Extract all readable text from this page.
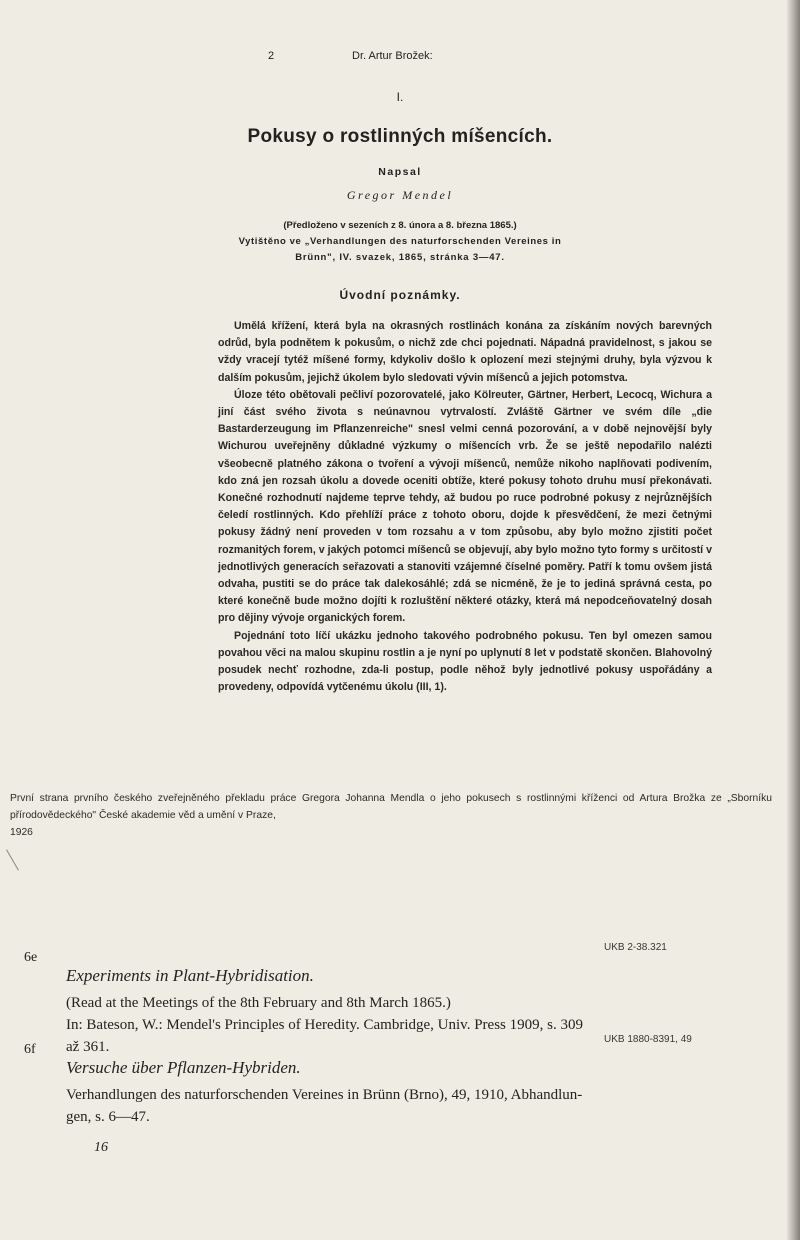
2	Dr. Artur Brožek:
I.
Pokusy o rostlinných míšencích.
Napsal
Gregor Mendel
(Předloženo v sezeních z 8. února a 8. března 1865.)
Vytištěno ve „Verhandlungen des naturforschenden Vereines in
Brünn", IV. svazek, 1865, stránka 3—47.
Úvodní poznámky.

Umělá křížení, která byla na okrasných rostlinách konána za získáním nových barevných odrůd, byla podnětem k pokusům, o nichž zde chci pojednati. Nápadná pravidelnost, s jakou se vždy vracejí tytéž míšené formy, kdykoliv došlo k oplození mezi stejnými druhy, byla výzvou k dalším pokusům, jejichž úkolem bylo sledovati vývin míšenců a jejich potomstva.

Úloze této obětovali pečliví pozorovatelé, jako Kölreuter, Gärtner, Herbert, Lecocq, Wichura a jiní část svého života s neúnavnou vytrvalostí. Zvláště Gärtner ve svém díle „die Bastarderzeugung im Pflanzenreiche" snesl velmi cenná pozorování, a v době nejnovější byly Wichurou uveřejněny důkladné výzkumy o míšencích vrb. Že se ještě nepodařilo nalézti všeobecně platného zákona o tvoření a vývoji míšenců, nemůže nikoho naplňovati podivením, kdo zná jen rozsah úkolu a dovede oceniti obtíže, které pokusy tohoto druhu musí překonávati. Konečné rozhodnutí najdeme teprve tehdy, až budou po ruce podrobné pokusy z nejrůznějších čeledí rostlinných. Kdo přehlíží práce z tohoto oboru, dojde k přesvědčení, že mezi četnými pokusy žádný není proveden v tom rozsahu a v tom způsobu, aby bylo možno zjistiti počet rozmanitých forem, v jakých potomci míšenců se objevují, aby bylo možno tyto formy s určitostí v jednotlivých generacích seřazovati a stanoviti vzájemné číselné poměry. Patří k tomu ovšem jistá odvaha, pustiti se do práce tak dalekosáhlé; zdá se nicméně, že je to jediná správná cesta, po které konečně bude možno dojíti k rozluštění některé otázky, která má nepodceňovatelný dosah pro dějiny vývoje organických forem.

Pojednání toto líčí ukázku jednoho takového podrobného pokusu. Ten byl omezen samou povahou věci na malou skupinu rostlin a je nyní po uplynutí 8 let v podstatě skončen. Blahovolný posudek nechť rozhodne, zda-li postup, podle něhož byly jednotlivé pokusy uspořádány a provedeny, odpovídá vytčenému úkolu (III, 1).

První strana prvního českého zveřejněného překladu práce Gregora Johanna Mendla o jeho pokusech s rostlinnými kříženci od Artura Brožka ze „Sborníku přírodovědeckého" České akademie věd a umění v Praze,
1926
6e
UKB 2-38.321
Experiments in Plant-Hybridisation.
(Read at the Meetings of the 8th February and 8th March 1865.)
In: Bateson, W.: Mendel's Principles of Heredity. Cambridge, Univ. Press 1909, s. 309
až 361.
6f
UKB 1880-8391, 49
Versuche über Pflanzen-Hybriden.
Verhandlungen des naturforschenden Vereines in Brünn (Brno), 49, 1910, Abhandlun-
gen, s. 6—47.
16
